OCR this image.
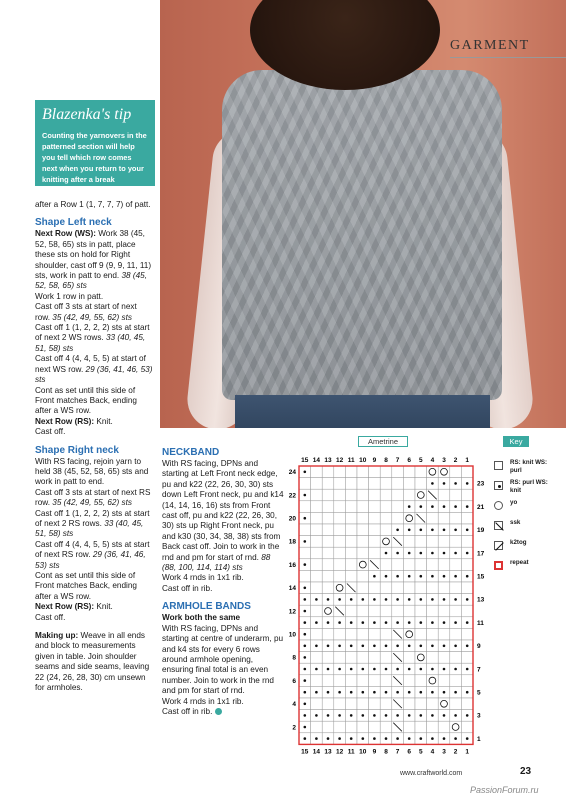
GARMENT
Blazenka's tip
Counting the yarnovers in the patterned section will help you tell which row comes next when you return to your knitting after a break

after a Row 1 (1, 7, 7, 7) of patt.

Shape Left neck

Next Row (WS): Work 38 (45, 52, 58, 65) sts in patt, place these sts on hold for Right shoulder, cast off 9 (9, 9, 11, 11) sts, work in patt to end. 38 (45, 52, 58, 65) sts

Work 1 row in patt.

Cast off 3 sts at start of next row. 35 (42, 49, 55, 62) sts

Cast off 1 (1, 2, 2, 2) sts at start of next 2 WS rows. 33 (40, 45, 51, 58) sts

Cast off 4 (4, 4, 5, 5) at start of next WS row. 29 (36, 41, 46, 53) sts

Cont as set until this side of Front matches Back, ending after a WS row.

Next Row (RS): Knit.

Cast off.

Shape Right neck

With RS facing, rejoin yarn to held 38 (45, 52, 58, 65) sts and work in patt to end.

Cast off 3 sts at start of next RS row. 35 (42, 49, 55, 62) sts

Cast off 1 (1, 2, 2, 2) sts at start of next 2 RS rows. 33 (40, 45, 51, 58) sts

Cast off 4 (4, 4, 5, 5) sts at start of next RS row. 29 (36, 41, 46, 53) sts

Cont as set until this side of Front matches Back, ending after a WS row.

Next Row (RS): Knit.

Cast off.

Making up: Weave in all ends and block to measurements given in table. Join shoulder seams and side seams, leaving 22 (24, 26, 28, 30) cm unsewn for armholes.

NECKBAND

With RS facing, DPNs and starting at Left Front neck edge, pu and k22 (22, 26, 30, 30) sts down Left Front neck, pu and k14 (14, 14, 16, 16) sts from Front cast off, pu and k22 (22, 26, 30, 30) sts up Right Front neck, pu and k30 (30, 34, 38, 38) sts from Back cast off. Join to work in the rnd and pm for start of rnd. 88 (88, 100, 114, 114) sts

Work 4 rnds in 1x1 rib.

Cast off in rib.

ARMHOLE BANDS

Work both the same

With RS facing, DPNs and starting at centre of underarm, pu and k4 sts for every 6 rows around armhole opening, ensuring final total is an even number. Join to work in the rnd and pm for start of rnd.

Work 4 rnds in 1x1 rib.

Cast off in rib.

Ametrine
15
15
14
14
13
13
12
12
11
11
10
10
9
9
8
8
7
7
6
6
5
5
4
4
3
3
2
2
1
1
24
23
22
21
20
19
18
17
16
15
14
13
12
11
10
9
8
7
6
5
4
3
2
1
Key
RS: knit WS: purl
RS: purl WS: knit
yo
ssk
k2tog
repeat
www.craftworld.com	23
PassionForum.ru
